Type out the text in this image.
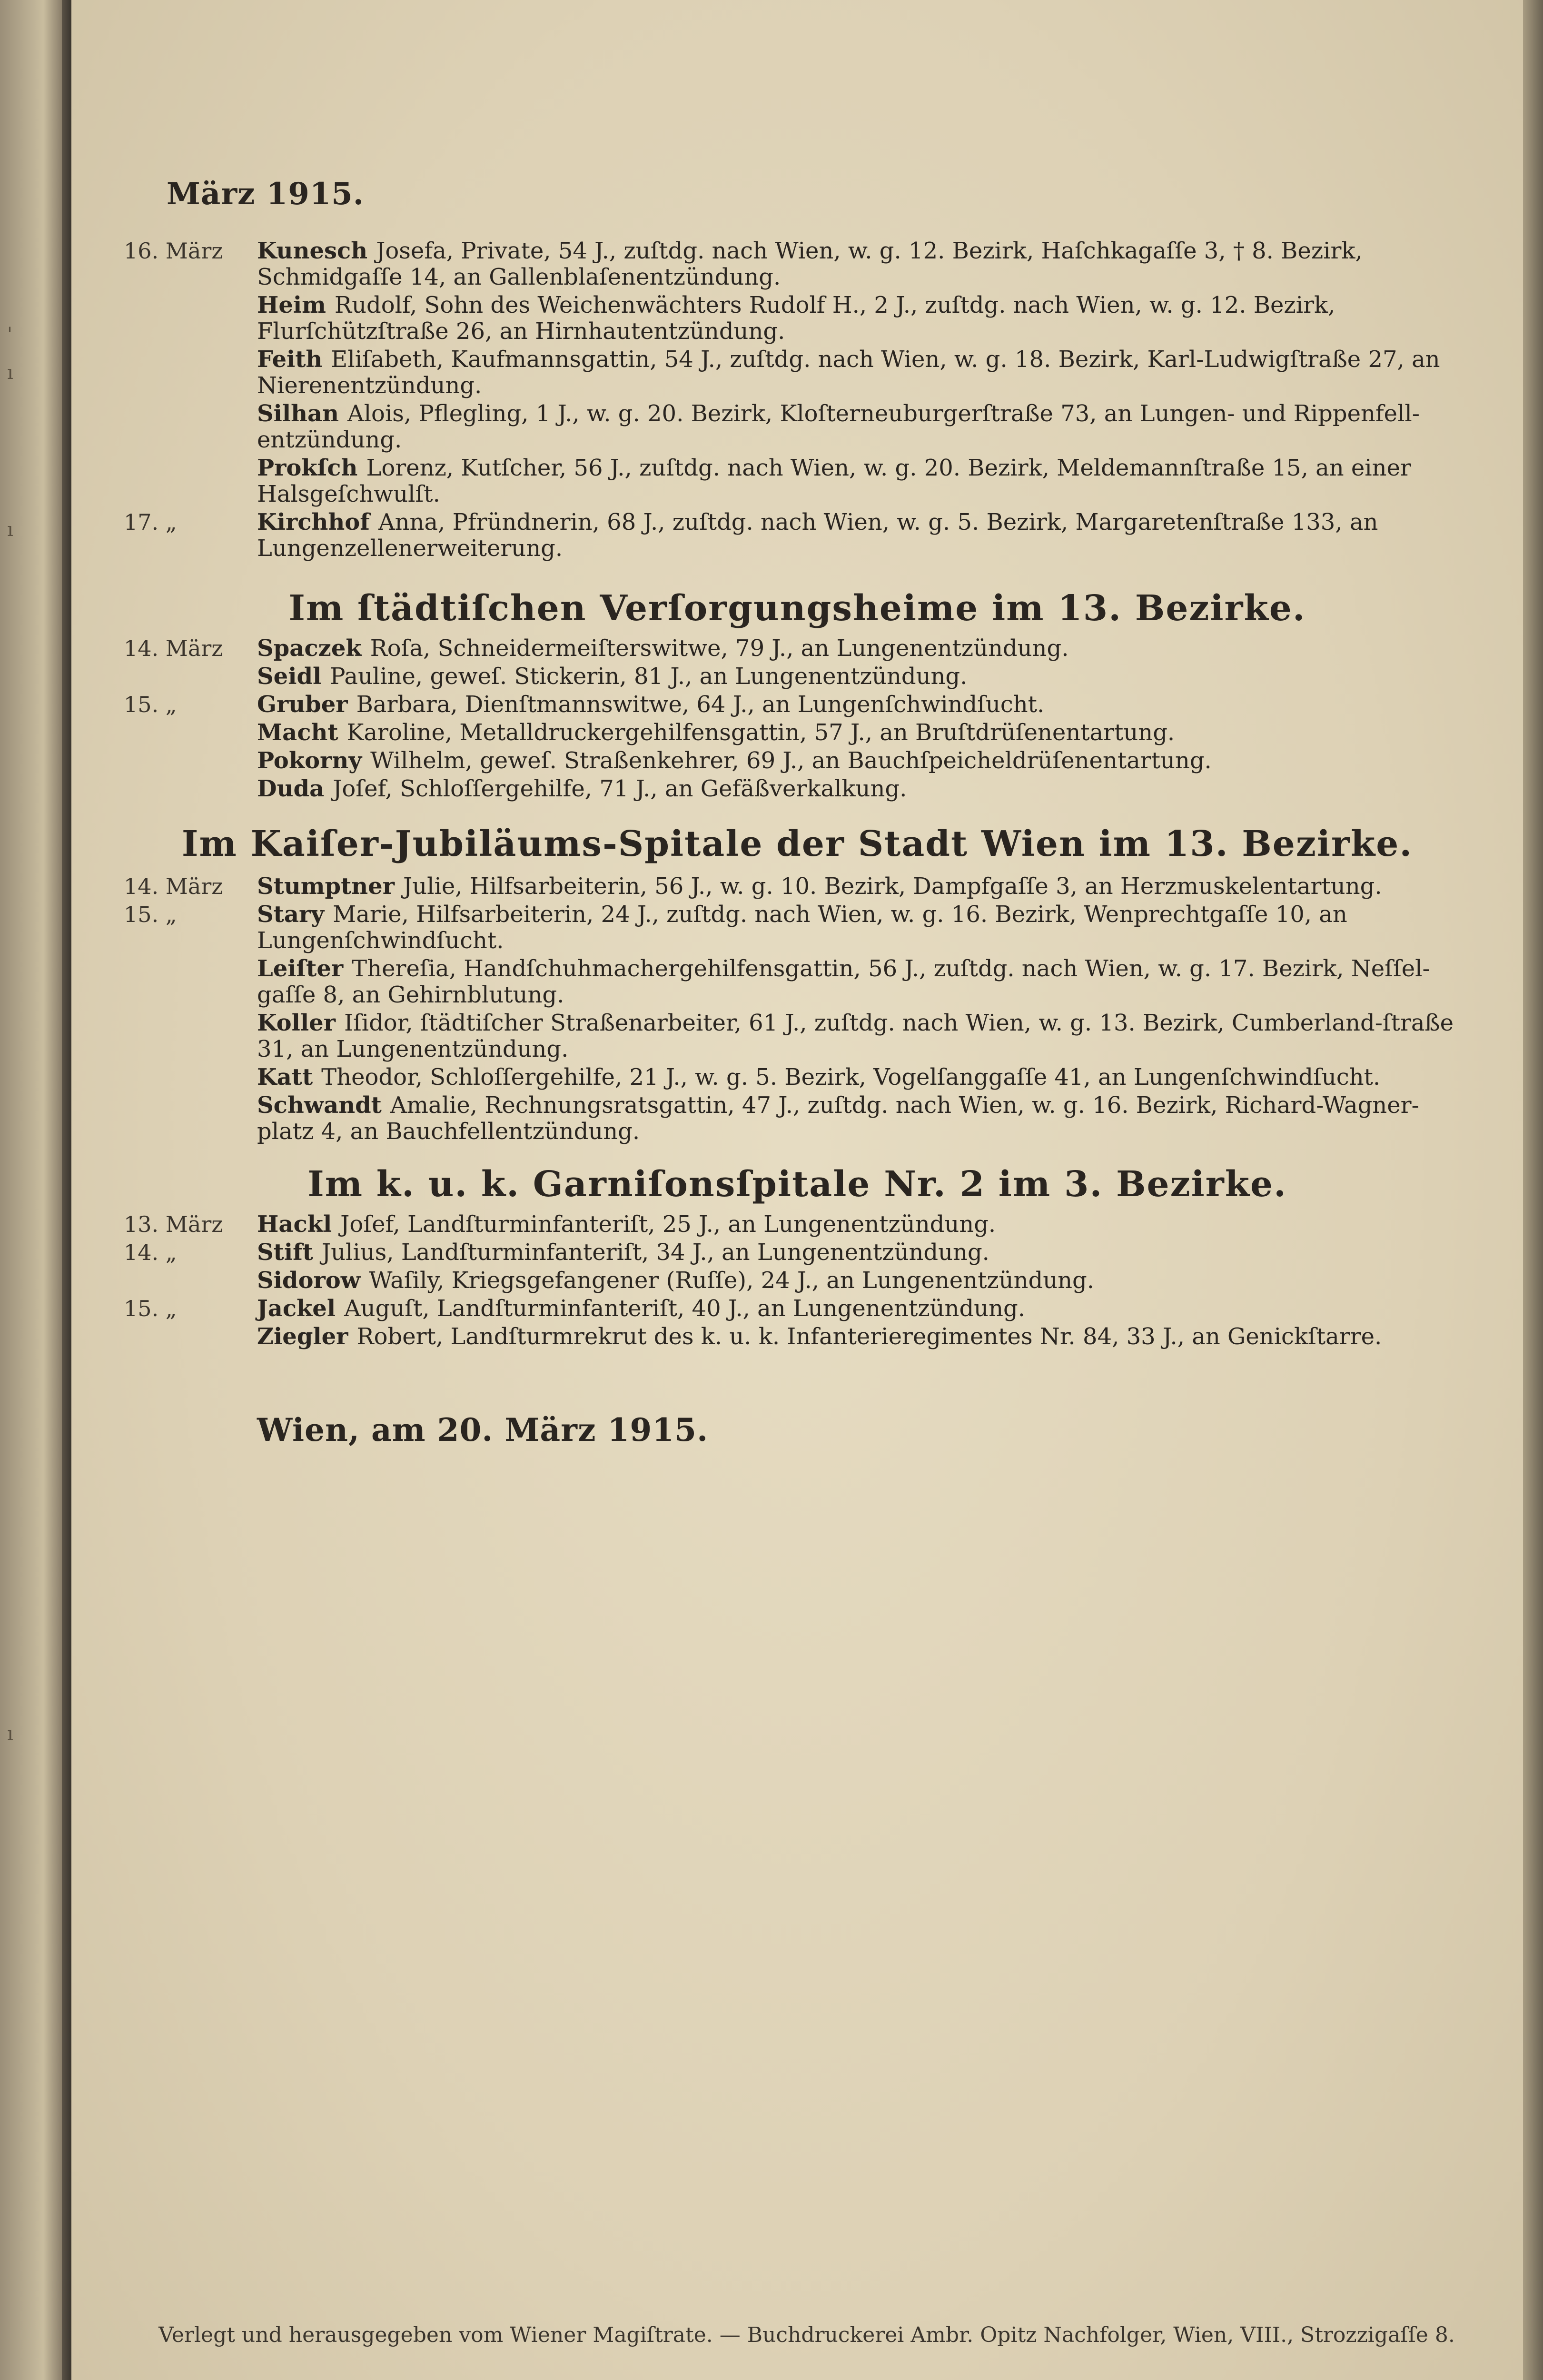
'
ı
ı
ı
März 1915.
16. März Kunesch Josefa, Private, 54 J., zuſtdg. nach Wien, w. g. 12. Bezirk, Haſchkagaſſe 3, † 8. Bezirk, Schmidgaſſe 14, an Gallenblaſenentzündung.
Heim Rudolf, Sohn des Weichenwächters Rudolf H., 2 J., zuſtdg. nach Wien, w. g. 12. Bezirk, Flurſchützſtraße 26, an Hirnhautentzündung.
Feith Eliſabeth, Kaufmannsgattin, 54 J., zuſtdg. nach Wien, w. g. 18. Bezirk, Karl-Ludwigſtraße 27, an Nierenentzündung.
Silhan Alois, Pflegling, 1 J., w. g. 20. Bezirk, Kloſterneuburgerſtraße 73, an Lungen- und Rippenfell-entzündung.
Prokſch Lorenz, Kutſcher, 56 J., zuſtdg. nach Wien, w. g. 20. Bezirk, Meldemannſtraße 15, an einer Halsgeſchwulſt.
17. „	Kirchhof Anna, Pfründnerin, 68 J., zuſtdg. nach Wien, w. g. 5. Bezirk, Margaretenſtraße 133, an Lungenzellenerweiterung.
Im ſtädtiſchen Verſorgungsheime im 13. Bezirke.
14. März Spaczek Roſa, Schneidermeiſterswitwe, 79 J., an Lungenentzündung.
Seidl Pauline, geweſ. Stickerin, 81 J., an Lungenentzündung.
15. „	Gruber Barbara, Dienſtmannswitwe, 64 J., an Lungenſchwindſucht.
Macht Karoline, Metalldruckergehilfensgattin, 57 J., an Bruſtdrüſenentartung.
Pokorny Wilhelm, geweſ. Straßenkehrer, 69 J., an Bauchſpeicheldrüſenentartung.
Duda Joſef, Schloſſergehilfe, 71 J., an Gefäßverkalkung.
Im Kaiſer-Jubiläums-Spitale der Stadt Wien im 13. Bezirke.
14. März Stumptner Julie, Hilfsarbeiterin, 56 J., w. g. 10. Bezirk, Dampfgaſſe 3, an Herzmuskelentartung.
15. „	Stary Marie, Hilfsarbeiterin, 24 J., zuſtdg. nach Wien, w. g. 16. Bezirk, Wenprechtgaſſe 10, an Lungenſchwindſucht.
Leiſter Thereſia, Handſchuhmachergehilfensgattin, 56 J., zuſtdg. nach Wien, w. g. 17. Bezirk, Neſſel-gaſſe 8, an Gehirnblutung.
Koller Iſidor, ſtädtiſcher Straßenarbeiter, 61 J., zuſtdg. nach Wien, w. g. 13. Bezirk, Cumberland-ſtraße 31, an Lungenentzündung.
Katt Theodor, Schloſſergehilfe, 21 J., w. g. 5. Bezirk, Vogelſanggaſſe 41, an Lungenſchwindſucht.
Schwandt Amalie, Rechnungsratsgattin, 47 J., zuſtdg. nach Wien, w. g. 16. Bezirk, Richard-Wagner-platz 4, an Bauchfellentzündung.
Im k. u. k. Garniſonsſpitale Nr. 2 im 3. Bezirke.
13. März Hackl Joſef, Landſturminfanteriſt, 25 J., an Lungenentzündung.
14. „	Stift Julius, Landſturminfanteriſt, 34 J., an Lungenentzündung.
Sidorow Waſily, Kriegsgefangener (Ruſſe), 24 J., an Lungenentzündung.
15. „	Jackel Auguſt, Landſturminfanteriſt, 40 J., an Lungenentzündung.
Ziegler Robert, Landſturmrekrut des k. u. k. Infanterieregimentes Nr. 84, 33 J., an Genickſtarre.
Wien, am 20. März 1915.
Verlegt und herausgegeben vom Wiener Magiſtrate. — Buchdruckerei Ambr. Opitz Nachfolger, Wien, VIII., Strozzigaſſe 8.
